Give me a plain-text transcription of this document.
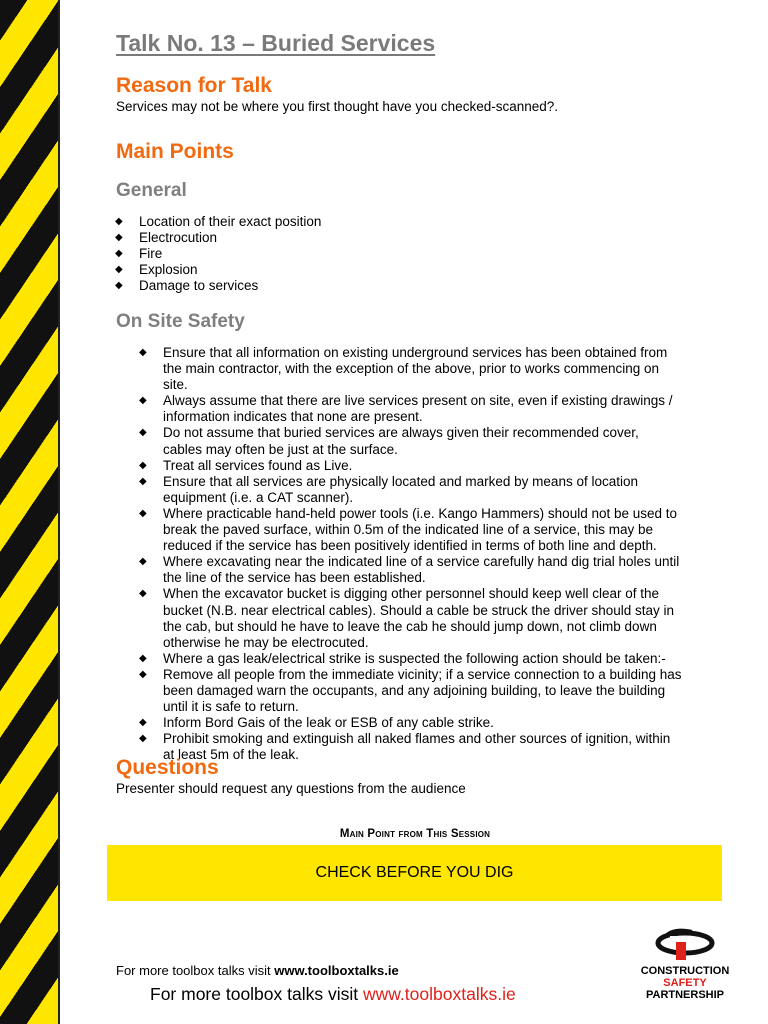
Talk No. 13 – Buried Services
Reason for Talk
Services may not be where you first thought have you checked-scanned?.
Main Points
General
◆ Location of their exact position
◆ Electrocution
◆ Fire
◆ Explosion
◆ Damage to services
On Site Safety
◆ Ensure that all information on existing underground services has been obtained from
the main contractor, with the exception of the above, prior to works commencing on
site.
◆ Always assume that there are live services present on site, even if existing drawings /
information indicates that none are present.
◆ Do not assume that buried services are always given their recommended cover,
cables may often be just at the surface.
◆ Treat all services found as Live.
◆ Ensure that all services are physically located and marked by means of location
equipment (i.e. a CAT scanner).
◆ Where practicable hand-held power tools (i.e. Kango Hammers) should not be used to
break the paved surface, within 0.5m of the indicated line of a service, this may be
reduced if the service has been positively identified in terms of both line and depth.
◆ Where excavating near the indicated line of a service carefully hand dig trial holes until
the line of the service has been established.
◆ When the excavator bucket is digging other personnel should keep well clear of the
bucket (N.B. near electrical cables). Should a cable be struck the driver should stay in
the cab, but should he have to leave the cab he should jump down, not climb down
otherwise he may be electrocuted.
◆ Where a gas leak/electrical strike is suspected the following action should be taken:-
◆ Remove all people from the immediate vicinity; if a service connection to a building has
been damaged warn the occupants, and any adjoining building, to leave the building
until it is safe to return.
◆ Inform Bord Gais of the leak or ESB of any cable strike.
◆ Prohibit smoking and extinguish all naked flames and other sources of ignition, within
at least 5m of the leak.
Questions
Presenter should request any questions from the audience
Main Point from This Session
CHECK BEFORE YOU DIG
For more toolbox talks visit www.toolboxtalks.ie
For more toolbox talks visit www.toolboxtalks.ie
CONSTRUCTION
SAFETY
PARTNERSHIP
